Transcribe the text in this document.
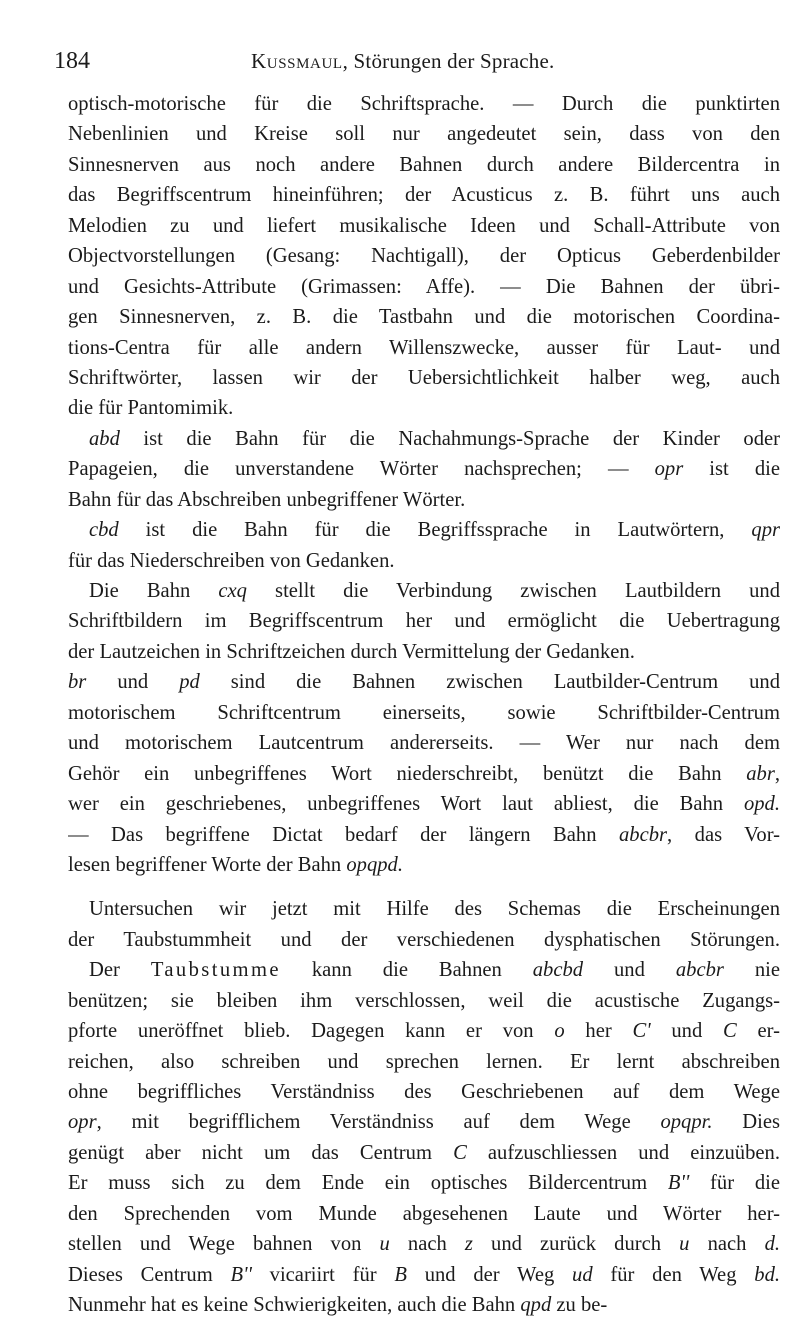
184	Kussmaul, Störungen der Sprache.
optisch-motorische für die Schriftsprache. — Durch die punktirten
Nebenlinien und Kreise soll nur angedeutet sein, dass von den
Sinnesnerven aus noch andere Bahnen durch andere Bildercentra in
das Begriffscentrum hineinführen; der Acusticus z. B. führt uns auch
Melodien zu und liefert musikalische Ideen und Schall-Attribute von
Objectvorstellungen (Gesang: Nachtigall), der Opticus Geberdenbilder
und Gesichts-Attribute (Grimassen: Affe). — Die Bahnen der übri-
gen Sinnesnerven, z. B. die Tastbahn und die motorischen Coordina-
tions-Centra für alle andern Willenszwecke, ausser für Laut- und
Schriftwörter, lassen wir der Uebersichtlichkeit halber weg, auch
die für Pantomimik.
abd ist die Bahn für die Nachahmungs-Sprache der Kinder oder
Papageien, die unverstandene Wörter nachsprechen; — opr ist die
Bahn für das Abschreiben unbegriffener Wörter.
cbd ist die Bahn für die Begriffssprache in Lautwörtern, qpr
für das Niederschreiben von Gedanken.
Die Bahn cxq stellt die Verbindung zwischen Lautbildern und
Schriftbildern im Begriffscentrum her und ermöglicht die Uebertragung
der Lautzeichen in Schriftzeichen durch Vermittelung der Gedanken.
br und pd sind die Bahnen zwischen Lautbilder-Centrum und
motorischem Schriftcentrum einerseits, sowie Schriftbilder-Centrum
und motorischem Lautcentrum andererseits. — Wer nur nach dem
Gehör ein unbegriffenes Wort niederschreibt, benützt die Bahn abr,
wer ein geschriebenes, unbegriffenes Wort laut abliest, die Bahn opd.
— Das begriffene Dictat bedarf der längern Bahn abcbr, das Vor-
lesen begriffener Worte der Bahn opqpd.
Untersuchen wir jetzt mit Hilfe des Schemas die Erscheinungen
der Taubstummheit und der verschiedenen dysphatischen Störungen.
Der Taubstumme kann die Bahnen abcbd und abcbr nie
benützen; sie bleiben ihm verschlossen, weil die acustische Zugangs-
pforte uneröffnet blieb. Dagegen kann er von o her C' und C er-
reichen, also schreiben und sprechen lernen. Er lernt abschreiben
ohne begriffliches Verständniss des Geschriebenen auf dem Wege
opr, mit begrifflichem Verständniss auf dem Wege opqpr. Dies
genügt aber nicht um das Centrum C aufzuschliessen und einzuüben.
Er muss sich zu dem Ende ein optisches Bildercentrum B'' für die
den Sprechenden vom Munde abgesehenen Laute und Wörter her-
stellen und Wege bahnen von u nach z und zurück durch u nach d.
Dieses Centrum B'' vicariirt für B und der Weg ud für den Weg bd.
Nunmehr hat es keine Schwierigkeiten, auch die Bahn qpd zu be-
